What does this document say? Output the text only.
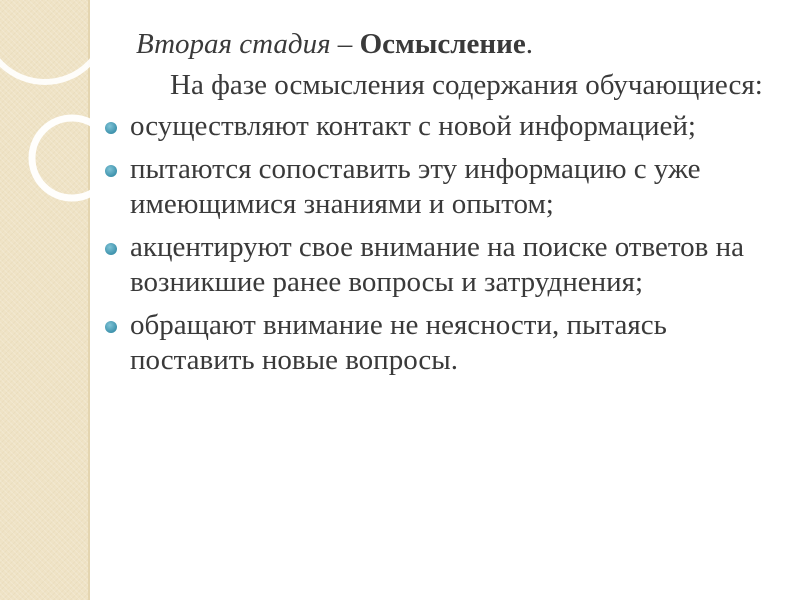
Вторая стадия – Осмысление.
На фазе осмысления содержания обучающиеся:
осуществляют контакт с новой информацией;
пытаются сопоставить эту информацию с уже имеющимися знаниями и опытом;
акцентируют свое внимание на поиске ответов на возникшие ранее вопросы и затруднения;
обращают внимание не неясности, пытаясь поставить новые вопросы.
